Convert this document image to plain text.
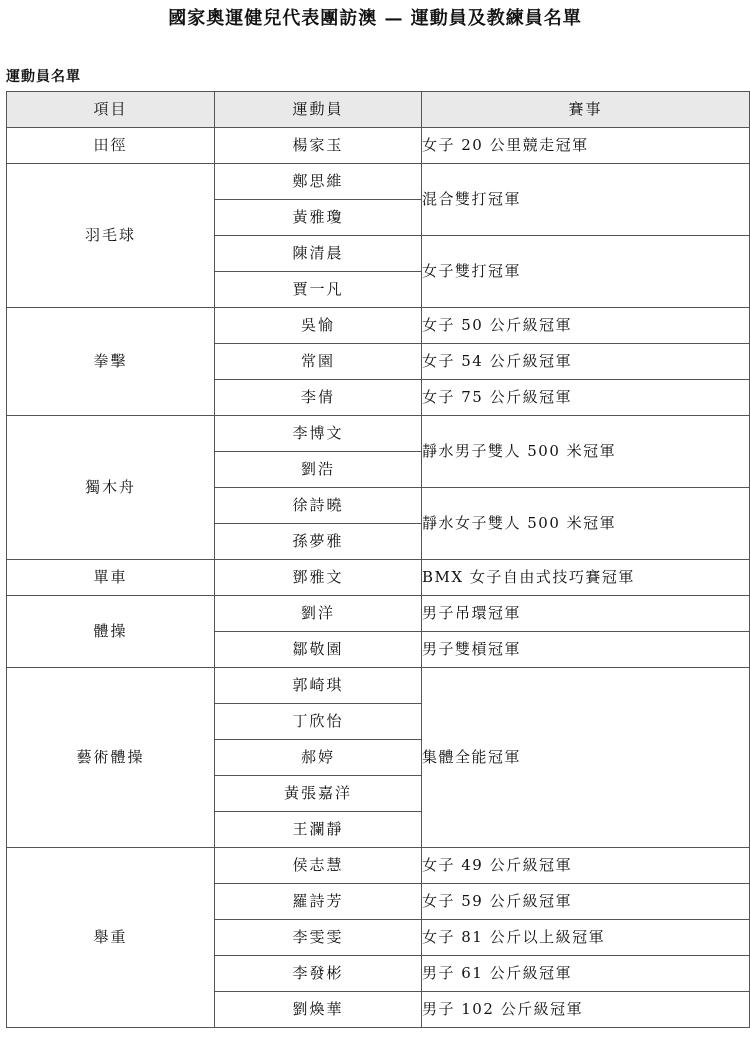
國家奧運健兒代表團訪澳 — 運動員及教練員名單
運動員名單
項目	運動員	賽事
田徑	楊家玉	女子 20 公里競走冠軍
羽毛球	鄭思維	混合雙打冠軍
	黃雅瓊	
	陳清晨	女子雙打冠軍
	賈一凡	
拳擊	吳愉	女子 50 公斤級冠軍
	常園	女子 54 公斤級冠軍
	李倩	女子 75 公斤級冠軍
獨木舟	李博文	靜水男子雙人 500 米冠軍
	劉浩	
	徐詩曉	靜水女子雙人 500 米冠軍
	孫夢雅	
單車	鄧雅文	BMX 女子自由式技巧賽冠軍
體操	劉洋	男子吊環冠軍
	鄒敬園	男子雙槓冠軍
藝術體操	郭崎琪	集體全能冠軍
	丁欣怡	
	郝婷	
	黃張嘉洋	
	王瀾靜	
舉重	侯志慧	女子 49 公斤級冠軍
	羅詩芳	女子 59 公斤級冠軍
	李雯雯	女子 81 公斤以上級冠軍
	李發彬	男子 61 公斤級冠軍
	劉煥華	男子 102 公斤級冠軍
